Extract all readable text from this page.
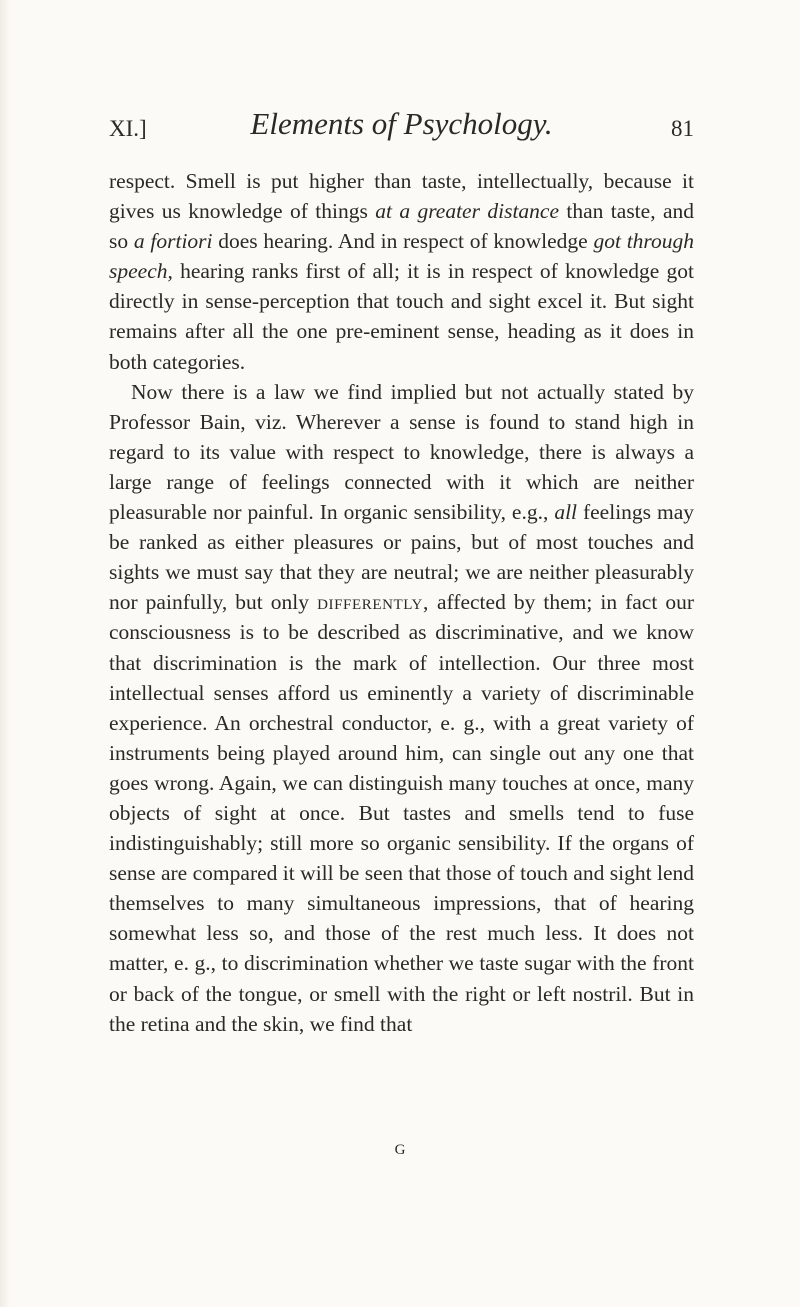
XI.]	Elements of Psychology.	81

respect. Smell is put higher than taste, intellectually, because it gives us knowledge of things at a greater distance than taste, and so a fortiori does hearing. And in respect of knowledge got through speech, hearing ranks first of all; it is in respect of knowledge got directly in sense-perception that touch and sight excel it. But sight remains after all the one pre-eminent sense, heading as it does in both categories.

Now there is a law we find implied but not actually stated by Professor Bain, viz. Wherever a sense is found to stand high in regard to its value with respect to knowledge, there is always a large range of feelings connected with it which are neither pleasurable nor painful. In organic sensibility, e.g., all feelings may be ranked as either pleasures or pains, but of most touches and sights we must say that they are neutral; we are neither pleasurably nor painfully, but only differently, affected by them; in fact our consciousness is to be described as discriminative, and we know that discrimination is the mark of intellection. Our three most intellectual senses afford us eminently a variety of discriminable experience. An orchestral conductor, e. g., with a great variety of instruments being played around him, can single out any one that goes wrong. Again, we can distinguish many touches at once, many objects of sight at once. But tastes and smells tend to fuse indistinguishably; still more so organic sensibility. If the organs of sense are compared it will be seen that those of touch and sight lend themselves to many simultaneous impressions, that of hearing somewhat less so, and those of the rest much less. It does not matter, e. g., to discrimination whether we taste sugar with the front or back of the tongue, or smell with the right or left nostril. But in the retina and the skin, we find that

G
